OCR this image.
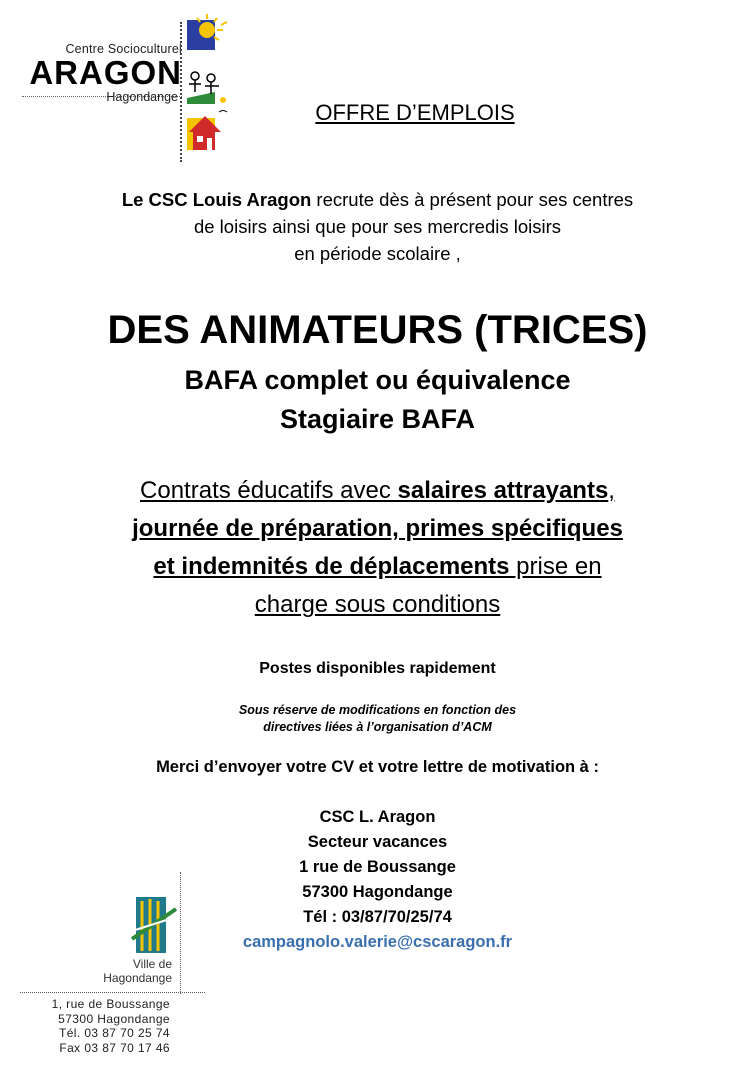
Centre Socioculturel
ARAGON
Hagondange
OFFRE D’EMPLOIS
Le CSC Louis Aragon recrute dès à présent pour ses centres
de loisirs ainsi que pour ses mercredis loisirs
en période scolaire ,
DES ANIMATEURS (TRICES)
BAFA complet ou équivalence
Stagiaire BAFA
Contrats éducatifs avec salaires attrayants,
journée de préparation, primes spécifiques
et indemnités de déplacements prise en
charge sous conditions
Postes disponibles rapidement
Sous réserve de modifications en fonction des
directives liées à l’organisation d’ACM
Merci d’envoyer votre CV et votre lettre de motivation à :
CSC L. Aragon
Secteur vacances
1 rue de Boussange
57300 Hagondange
Tél : 03/87/70/25/74
campagnolo.valerie@cscaragon.fr
Ville de
Hagondange
1, rue de Boussange
57300 Hagondange
Tél. 03 87 70 25 74
Fax 03 87 70 17 46
